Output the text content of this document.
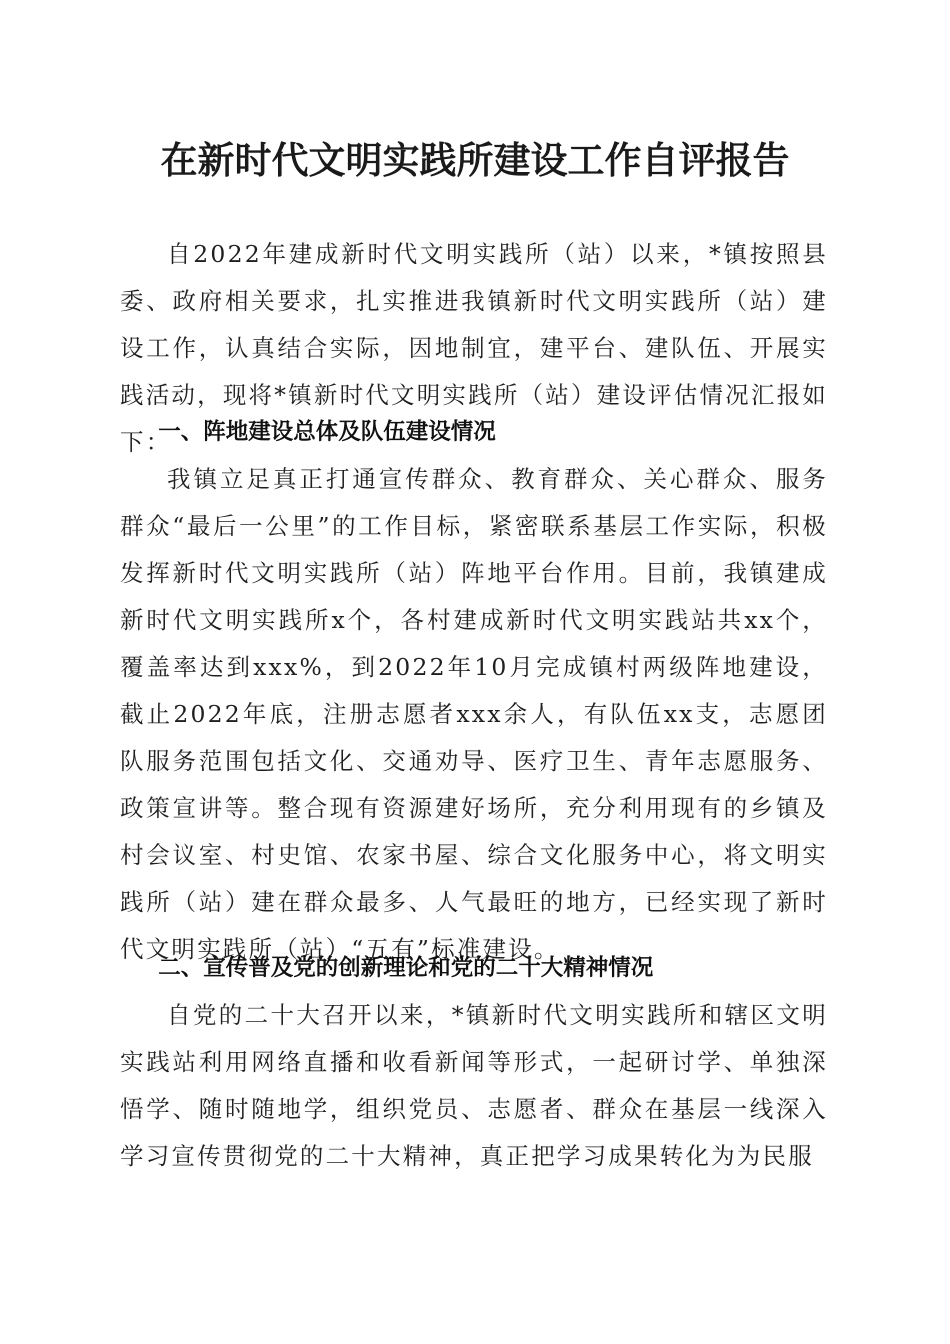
在新时代文明实践所建设工作自评报告

自2022年建成新时代文明实践所（站）以来，*镇按照县委、政府相关要求，扎实推进我镇新时代文明实践所（站）建设工作，认真结合实际，因地制宜，建平台、建队伍、开展实践活动，现将*镇新时代文明实践所（站）建设评估情况汇报如下：

一、阵地建设总体及队伍建设情况

我镇立足真正打通宣传群众、教育群众、关心群众、服务群众“最后一公里”的工作目标，紧密联系基层工作实际，积极发挥新时代文明实践所（站）阵地平台作用。目前，我镇建成新时代文明实践所x个，各村建成新时代文明实践站共xx个，覆盖率达到xxx%，到2022年10月完成镇村两级阵地建设，截止2022年底，注册志愿者xxx余人，有队伍xx支，志愿团队服务范围包括文化、交通劝导、医疗卫生、青年志愿服务、政策宣讲等。整合现有资源建好场所，充分利用现有的乡镇及村会议室、村史馆、农家书屋、综合文化服务中心，将文明实践所（站）建在群众最多、人气最旺的地方，已经实现了新时代文明实践所（站）“五有”标准建设。

二、宣传普及党的创新理论和党的二十大精神情况

自党的二十大召开以来，*镇新时代文明实践所和辖区文明实践站利用网络直播和收看新闻等形式，一起研讨学、单独深悟学、随时随地学，组织党员、志愿者、群众在基层一线深入学习宣传贯彻党的二十大精神，真正把学习成果转化为为民服
